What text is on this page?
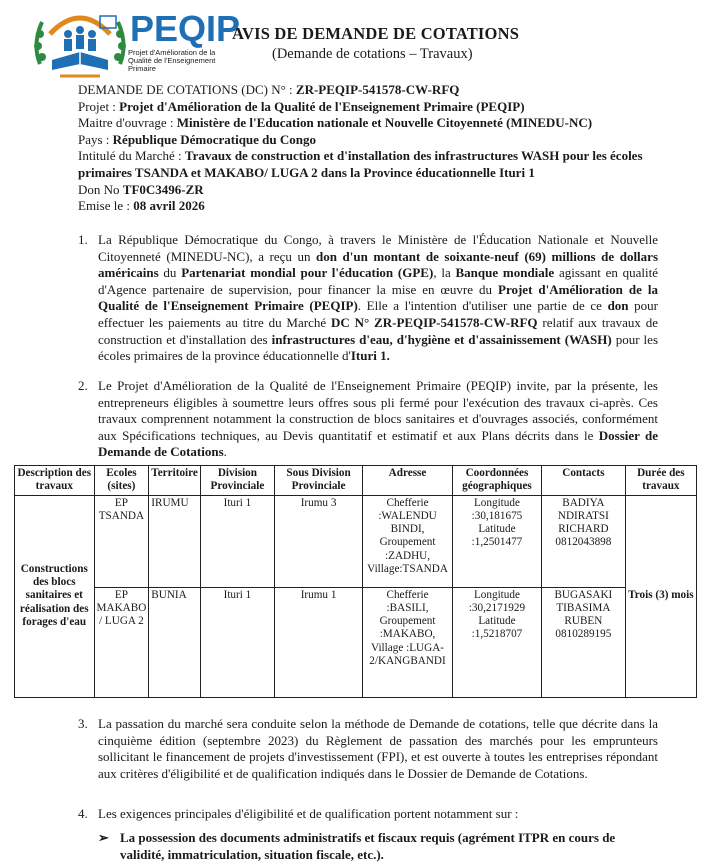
PEQIP
Projet d'Amélioration de la Qualité de l'Enseignement Primaire
AVIS DE DEMANDE DE COTATIONS
(Demande de cotations – Travaux)

DEMANDE DE COTATIONS (DC) N° : ZR-PEQIP-541578-CW-RFQ

Projet : Projet d'Amélioration de la Qualité de l'Enseignement Primaire (PEQIP)

Maitre d'ouvrage : Ministère de l'Education nationale et Nouvelle Citoyenneté (MINEDU-NC)

Pays : République Démocratique du Congo

Intitulé du Marché : Travaux de construction et d'installation des infrastructures WASH pour les écoles primaires TSANDA et MAKABO/ LUGA 2 dans la Province éducationnelle Ituri 1

Don No TF0C3496-ZR

Emise le : 08 avril 2026

1. La République Démocratique du Congo, à travers le Ministère de l'Éducation Nationale et Nouvelle Citoyenneté (MINEDU-NC), a reçu un don d'un montant de soixante-neuf (69) millions de dollars américains du Partenariat mondial pour l'éducation (GPE), la Banque mondiale agissant en qualité d'Agence partenaire de supervision, pour financer la mise en œuvre du Projet d'Amélioration de la Qualité de l'Enseignement Primaire (PEQIP). Elle a l'intention d'utiliser une partie de ce don pour effectuer les paiements au titre du Marché DC N° ZR-PEQIP-541578-CW-RFQ relatif aux travaux de construction et d'installation des infrastructures d'eau, d'hygiène et d'assainissement (WASH) pour les écoles primaires de la province éducationnelle d'Ituri 1.
2. Le Projet d'Amélioration de la Qualité de l'Enseignement Primaire (PEQIP) invite, par la présente, les entrepreneurs éligibles à soumettre leurs offres sous pli fermé pour l'exécution des travaux ci-après. Ces travaux comprennent notamment la construction de blocs sanitaires et d'ouvrages associés, conformément aux Spécifications techniques, au Devis quantitatif et estimatif et aux Plans décrits dans le Dossier de Demande de Cotations.
Description des travaux	Ecoles (sites)	Territoire	Division Provinciale	Sous Division Provinciale	Adresse	Coordonnées géographiques	Contacts	Durée des travaux
Constructions des blocs sanitaires et réalisation des forages d'eau	EP TSANDA	IRUMU	Ituri 1	Irumu 3	Chefferie :WALENDU BINDI, Groupement :ZADHU, Village:TSANDA	Longitude :30,181675 Latitude :1,2501477	BADIYA NDIRATSI RICHARD 0812043898	Trois (3) mois
	EP MAKABO / LUGA 2	BUNIA	Ituri 1	Irumu 1	Chefferie :BASILI, Groupement :MAKABO, Village :LUGA-2/KANGBANDI	Longitude :30,2171929 Latitude :1,5218707	BUGASAKI TIBASIMA RUBEN 0810289195	
3. La passation du marché sera conduite selon la méthode de Demande de cotations, telle que décrite dans la cinquième édition (septembre 2023) du Règlement de passation des marchés pour les emprunteurs sollicitant le financement de projets d'investissement (FPI), et est ouverte à toutes les entreprises répondant aux critères d'éligibilité et de qualification indiqués dans le Dossier de Demande de Cotations.
4. Les exigences principales d'éligibilité et de qualification portent notamment sur :
➢ La possession des documents administratifs et fiscaux requis (agrément ITPR en cours de validité, immatriculation, situation fiscale, etc.).
